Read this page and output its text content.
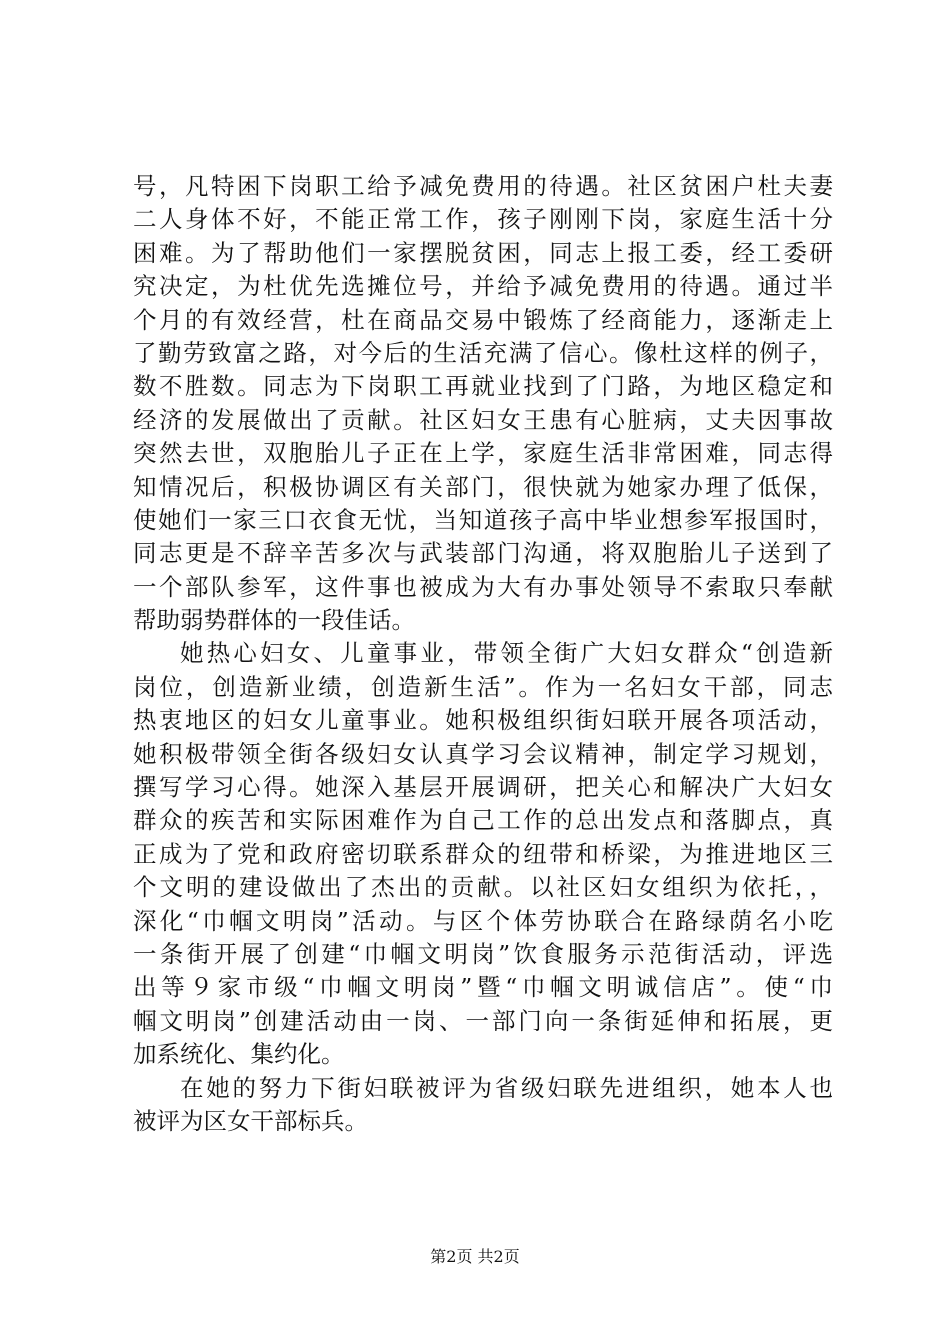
号，凡特困下岗职工给予减免费用的待遇。社区贫困户杜夫妻
二人身体不好，不能正常工作，孩子刚刚下岗，家庭生活十分
困难。为了帮助他们一家摆脱贫困，同志上报工委，经工委研
究决定，为杜优先选摊位号，并给予减免费用的待遇。通过半
个月的有效经营，杜在商品交易中锻炼了经商能力，逐渐走上
了勤劳致富之路，对今后的生活充满了信心。像杜这样的例子，
数不胜数。同志为下岗职工再就业找到了门路，为地区稳定和
经济的发展做出了贡献。社区妇女王患有心脏病，丈夫因事故
突然去世，双胞胎儿子正在上学，家庭生活非常困难，同志得
知情况后，积极协调区有关部门，很快就为她家办理了低保，
使她们一家三口衣食无忧，当知道孩子高中毕业想参军报国时，
同志更是不辞辛苦多次与武装部门沟通，将双胞胎儿子送到了
一个部队参军，这件事也被成为大有办事处领导不索取只奉献
帮助弱势群体的一段佳话。
她热心妇女、儿童事业，带领全街广大妇女群众“创造新
岗位，创造新业绩，创造新生活”。作为一名妇女干部，同志
热衷地区的妇女儿童事业。她积极组织街妇联开展各项活动，
她积极带领全街各级妇女认真学习会议精神，制定学习规划，
撰写学习心得。她深入基层开展调研，把关心和解决广大妇女
群众的疾苦和实际困难作为自己工作的总出发点和落脚点，真
正成为了党和政府密切联系群众的纽带和桥梁，为推进地区三
个文明的建设做出了杰出的贡献。以社区妇女组织为依托，，
深化“巾帼文明岗”活动。与区个体劳协联合在路绿荫名小吃
一条街开展了创建“巾帼文明岗”饮食服务示范街活动，评选
出等９家市级“巾帼文明岗”暨“巾帼文明诚信店”。使“巾
帼文明岗”创建活动由一岗、一部门向一条街延伸和拓展，更
加系统化、集约化。
在她的努力下街妇联被评为省级妇联先进组织，她本人也
被评为区女干部标兵。
第2页 共2页
